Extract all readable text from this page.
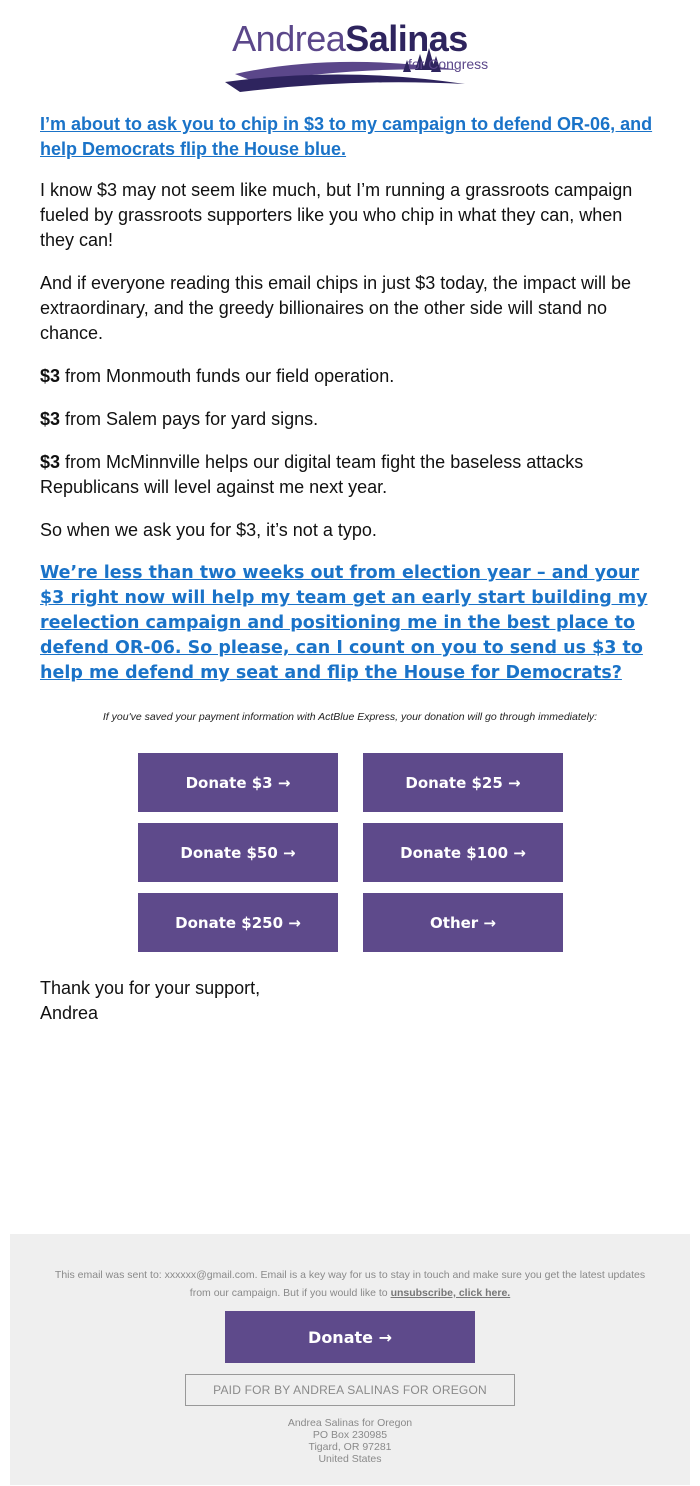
AndreaSalinas
for Congress
I’m about to ask you to chip in $3 to my campaign to defend OR-06, and help Democrats flip the House blue.

I know $3 may not seem like much, but I’m running a grassroots campaign fueled by grassroots supporters like you who chip in what they can, when they can!

And if everyone reading this email chips in just $3 today, the impact will be extraordinary, and the greedy billionaires on the other side will stand no chance.

$3 from Monmouth funds our field operation.

$3 from Salem pays for yard signs.

$3 from McMinnville helps our digital team fight the baseless attacks Republicans will level against me next year.

So when we ask you for $3, it’s not a typo.

We’re less than two weeks out from election year – and your $3 right now will help my team get an early start building my reelection campaign and positioning me in the best place to defend OR-06. So please, can I count on you to send us $3 to help me defend my seat and flip the House for Democrats?
If you've saved your payment information with ActBlue Express, your donation will go through immediately:
Donate $3 →	Donate $25 →
Donate $50 →	Donate $100 →
Donate $250 →	Other →
Thank you for your support,
Andrea
This email was sent to: xxxxxx@gmail.com. Email is a key way for us to stay in touch and make sure you get the latest updates from our campaign. But if you would like to unsubscribe, click here.
Donate →
PAID FOR BY ANDREA SALINAS FOR OREGON
Andrea Salinas for Oregon
PO Box 230985
Tigard, OR 97281
United States
